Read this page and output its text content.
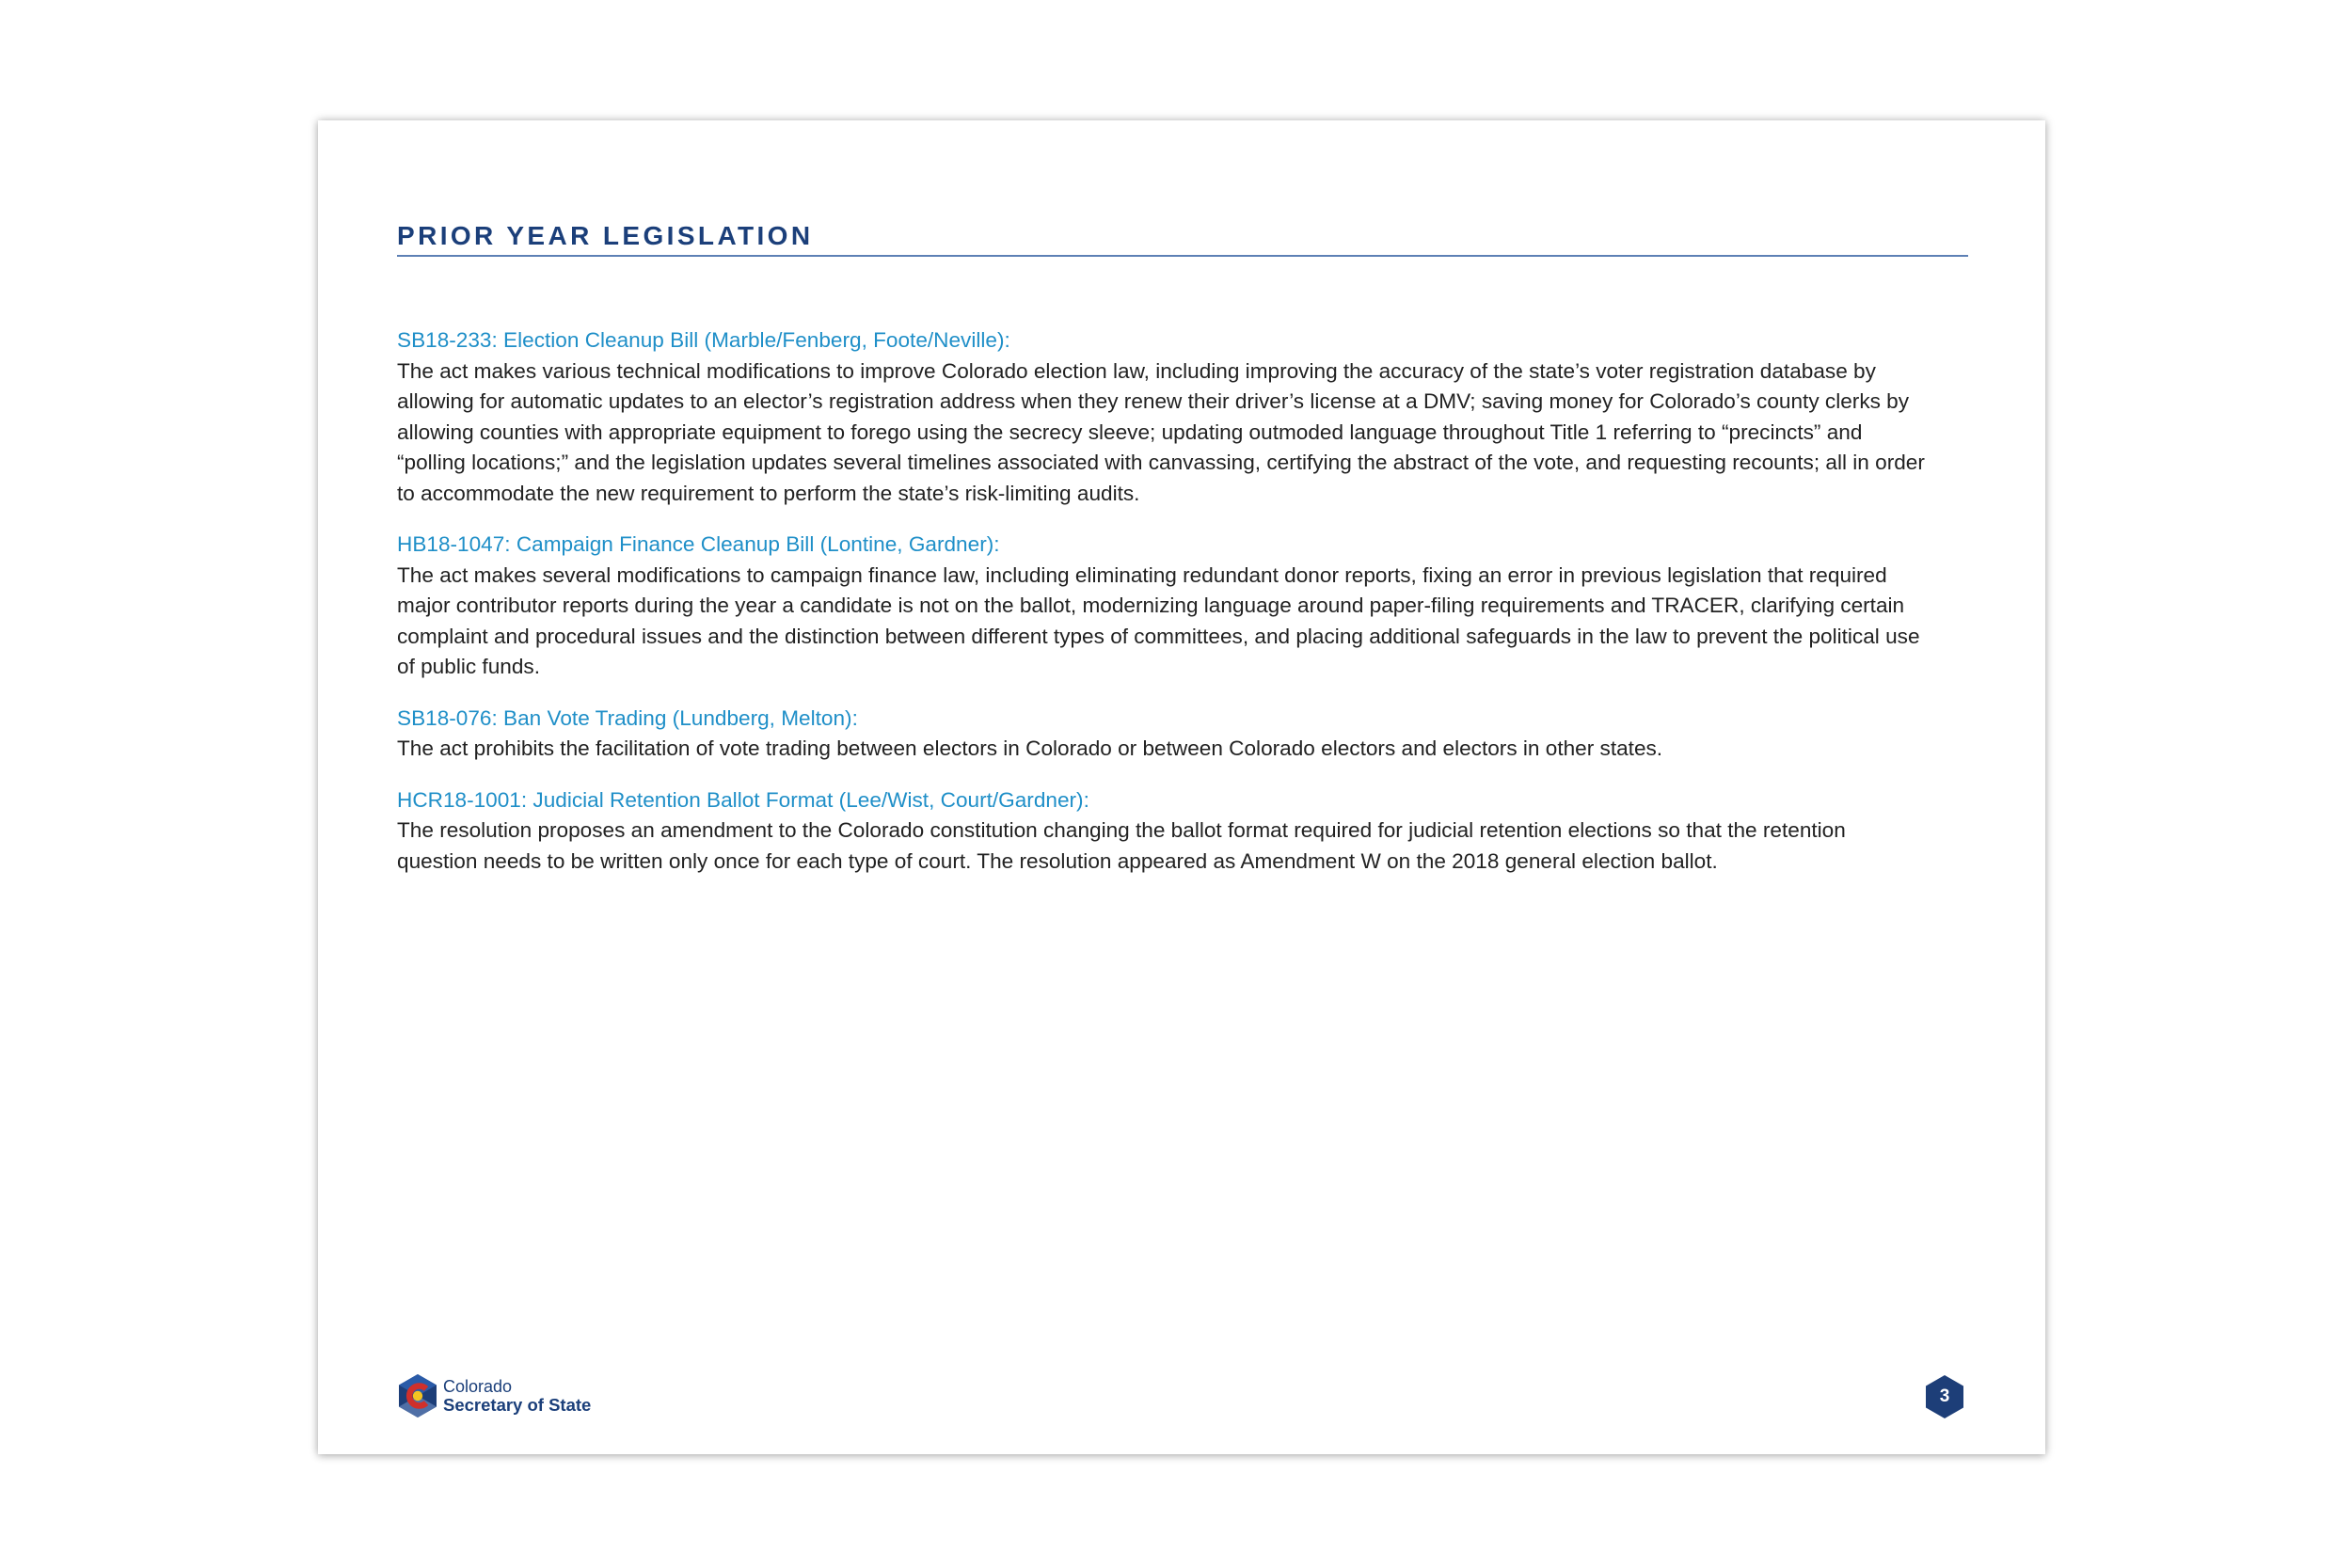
PRIOR YEAR LEGISLATION

SB18-233: Election Cleanup Bill (Marble/Fenberg, Foote/Neville):

The act makes various technical modifications to improve Colorado election law, including improving the accuracy of the state’s voter registration database by allowing for automatic updates to an elector’s registration address when they renew their driver’s license at a DMV; saving money for Colorado’s county clerks by allowing counties with appropriate equipment to forego using the secrecy sleeve; updating outmoded language throughout Title 1 referring to “precincts” and “polling locations;” and the legislation updates several timelines associated with canvassing, certifying the abstract of the vote, and requesting recounts; all in order to accommodate the new requirement to perform the state’s risk-limiting audits.

HB18-1047: Campaign Finance Cleanup Bill (Lontine, Gardner):

The act makes several modifications to campaign finance law, including eliminating redundant donor reports, fixing an error in previous legislation that required major contributor reports during the year a candidate is not on the ballot, modernizing language around paper-filing requirements and TRACER, clarifying certain complaint and procedural issues and the distinction between different types of committees, and placing additional safeguards in the law to prevent the political use of public funds.

SB18-076: Ban Vote Trading (Lundberg, Melton):

The act prohibits the facilitation of vote trading between electors in Colorado or between Colorado electors and electors in other states.

HCR18-1001: Judicial Retention Ballot Format (Lee/Wist, Court/Gardner):

The resolution proposes an amendment to the Colorado constitution changing the ballot format required for judicial retention elections so that the retention question needs to be written only once for each type of court. The resolution appeared as Amendment W on the 2018 general election ballot.

Colorado
Secretary of State	3
